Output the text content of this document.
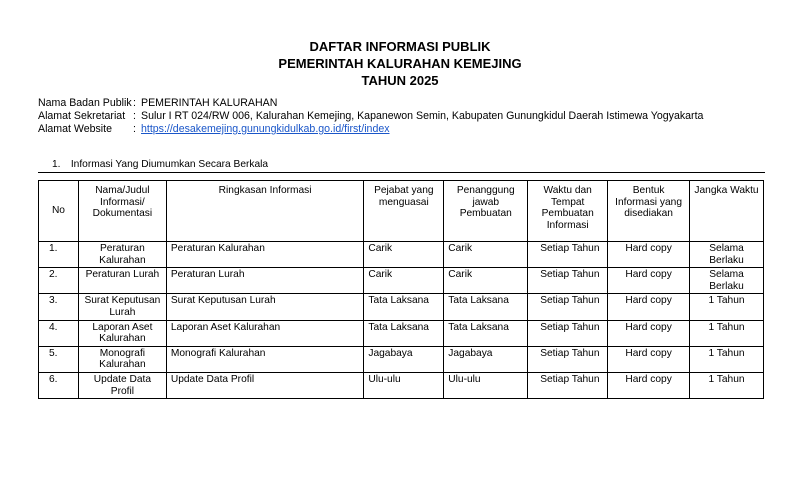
DAFTAR INFORMASI PUBLIK
PEMERINTAH KALURAHAN KEMEJING
TAHUN 2025
Nama Badan Publik : PEMERINTAH KALURAHAN
Alamat Sekretariat : Sulur I RT 024/RW 006, Kalurahan Kemejing, Kapanewon Semin, Kabupaten Gunungkidul Daerah Istimewa Yogyakarta
Alamat Website	: https://desakemejing.gunungkidulkab.go.id/first/index
1. Informasi Yang Diumumkan Secara Berkala
No	Nama/Judul Informasi/ Dokumentasi	Ringkasan Informasi	Pejabat yang menguasai	Penanggung jawab Pembuatan	Waktu dan Tempat Pembuatan Informasi	Bentuk Informasi yang disediakan	Jangka Waktu
1.	Peraturan Kalurahan	Peraturan Kalurahan	Carik	Carik	Setiap Tahun	Hard copy	Selama Berlaku
2.	Peraturan Lurah	Peraturan Lurah	Carik	Carik	Setiap Tahun	Hard copy	Selama Berlaku
3.	Surat Keputusan Lurah	Surat Keputusan Lurah	Tata Laksana	Tata Laksana	Setiap Tahun	Hard copy	1 Tahun
4.	Laporan Aset Kalurahan	Laporan Aset Kalurahan	Tata Laksana	Tata Laksana	Setiap Tahun	Hard copy	1 Tahun
5.	Monografi Kalurahan	Monografi Kalurahan	Jagabaya	Jagabaya	Setiap Tahun	Hard copy	1 Tahun
6.	Update Data Profil	Update Data Profil	Ulu-ulu	Ulu-ulu	Setiap Tahun	Hard copy	1 Tahun
